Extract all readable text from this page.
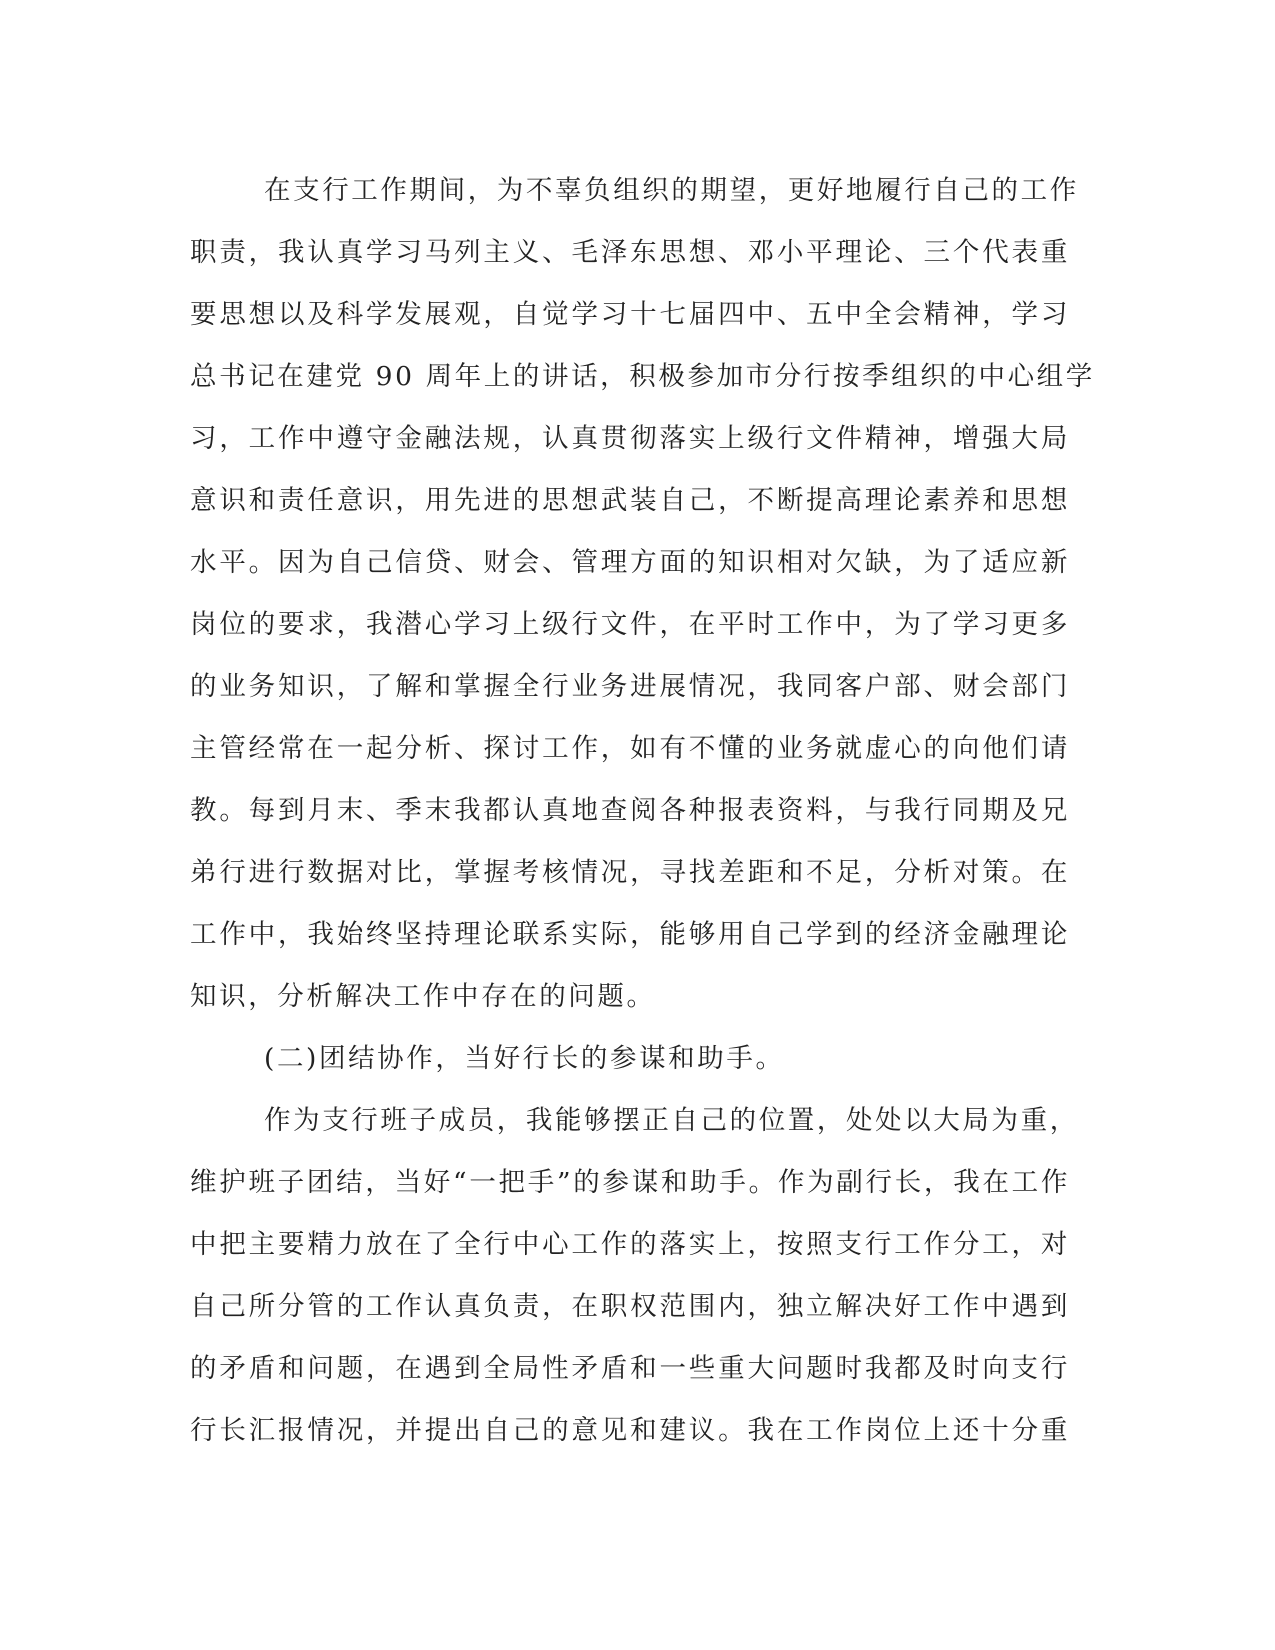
在支行工作期间，为不辜负组织的期望，更好地履行自己的工作
职责，我认真学习马列主义、毛泽东思想、邓小平理论、三个代表重
要思想以及科学发展观，自觉学习十七届四中、五中全会精神，学习
总书记在建党 90 周年上的讲话，积极参加市分行按季组织的中心组学
习，工作中遵守金融法规，认真贯彻落实上级行文件精神，增强大局
意识和责任意识，用先进的思想武装自己，不断提高理论素养和思想
水平。因为自己信贷、财会、管理方面的知识相对欠缺，为了适应新
岗位的要求，我潜心学习上级行文件，在平时工作中，为了学习更多
的业务知识，了解和掌握全行业务进展情况，我同客户部、财会部门
主管经常在一起分析、探讨工作，如有不懂的业务就虚心的向他们请
教。每到月末、季末我都认真地查阅各种报表资料，与我行同期及兄
弟行进行数据对比，掌握考核情况，寻找差距和不足，分析对策。在
工作中，我始终坚持理论联系实际，能够用自己学到的经济金融理论
知识，分析解决工作中存在的问题。
(二)团结协作，当好行长的参谋和助手。
作为支行班子成员，我能够摆正自己的位置，处处以大局为重，
维护班子团结，当好“一把手”的参谋和助手。作为副行长，我在工作
中把主要精力放在了全行中心工作的落实上，按照支行工作分工，对
自己所分管的工作认真负责，在职权范围内，独立解决好工作中遇到
的矛盾和问题，在遇到全局性矛盾和一些重大问题时我都及时向支行
行长汇报情况，并提出自己的意见和建议。我在工作岗位上还十分重
